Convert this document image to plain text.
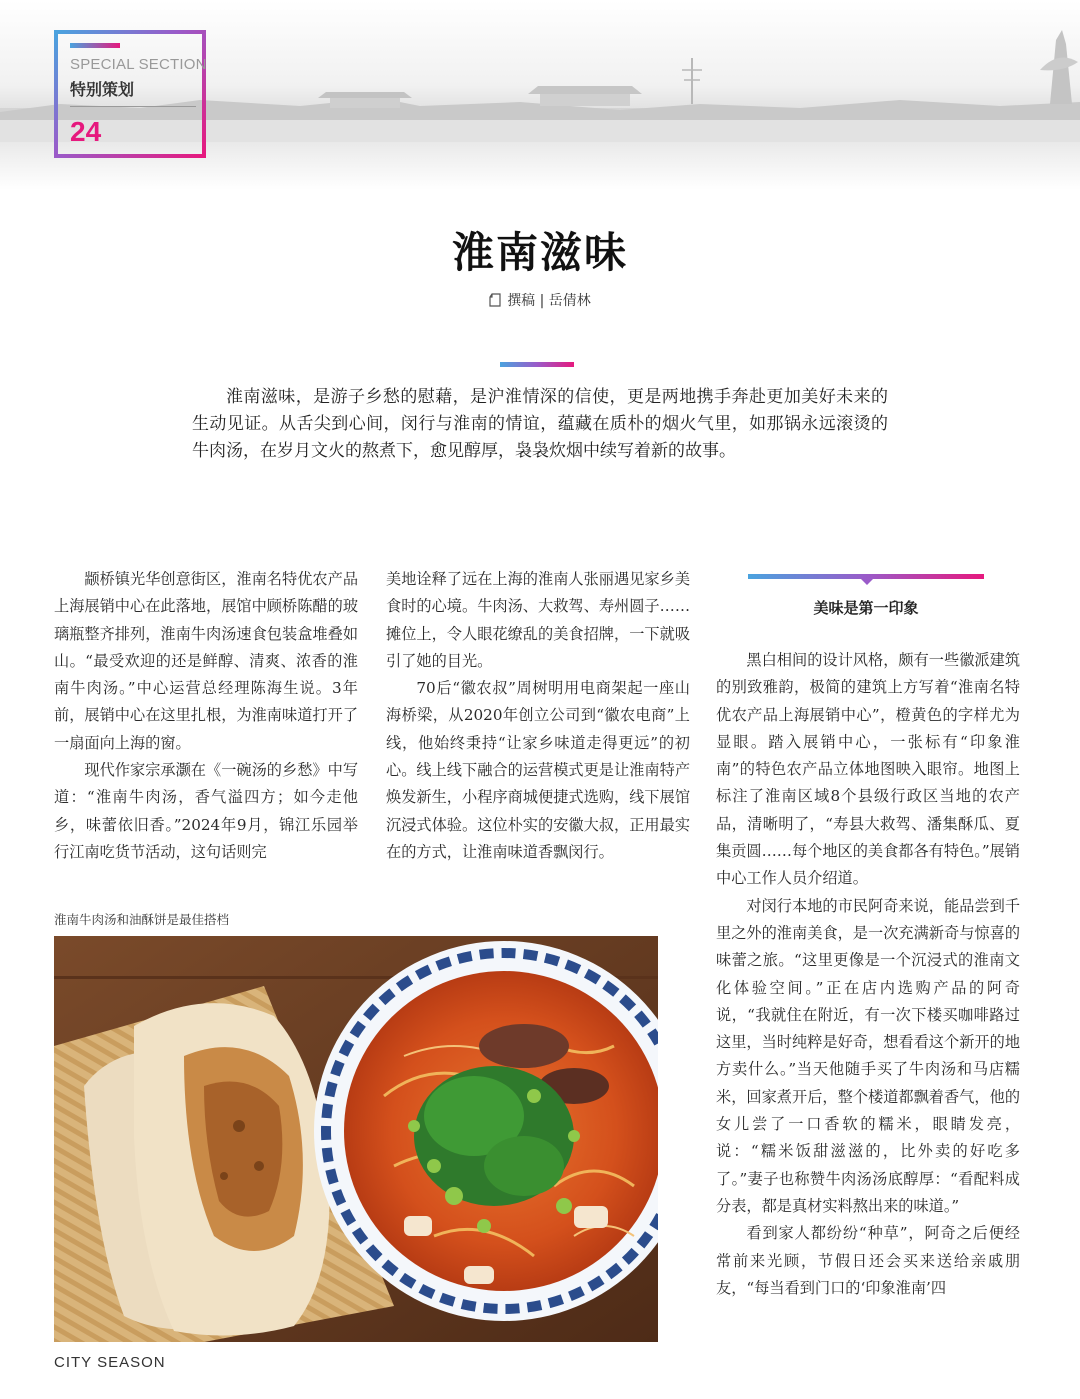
SPECIAL SECTION
特别策划
24
淮南滋味
撰稿 | 岳倩林
淮南滋味，是游子乡愁的慰藉，是沪淮情深的信使，更是两地携手奔赴更加美好未来的生动见证。从舌尖到心间，闵行与淮南的情谊，蕴藏在质朴的烟火气里，如那锅永远滚烫的牛肉汤，在岁月文火的熬煮下，愈见醇厚，袅袅炊烟中续写着新的故事。

颛桥镇光华创意街区，淮南名特优农产品上海展销中心在此落地，展馆中顾桥陈醋的玻璃瓶整齐排列，淮南牛肉汤速食包装盒堆叠如山。“最受欢迎的还是鲜醇、清爽、浓香的淮南牛肉汤。”中心运营总经理陈海生说。3年前，展销中心在这里扎根，为淮南味道打开了一扇面向上海的窗。

现代作家宗承灏在《一碗汤的乡愁》中写道：“淮南牛肉汤，香气溢四方；如今走他乡，味蕾依旧香。”2024年9月，锦江乐园举行江南吃货节活动，这句话则完

美地诠释了远在上海的淮南人张丽遇见家乡美食时的心境。牛肉汤、大救驾、寿州圆子……摊位上，令人眼花缭乱的美食招牌，一下就吸引了她的目光。

70后“徽农叔”周树明用电商架起一座山海桥梁，从2020年创立公司到“徽农电商”上线，他始终秉持“让家乡味道走得更远”的初心。线上线下融合的运营模式更是让淮南特产焕发新生，小程序商城便捷式选购，线下展馆沉浸式体验。这位朴实的安徽大叔，正用最实在的方式，让淮南味道香飘闵行。

美味是第一印象

黑白相间的设计风格，颇有一些徽派建筑的别致雅韵，极简的建筑上方写着“淮南名特优农产品上海展销中心”，橙黄色的字样尤为显眼。踏入展销中心，一张标有“印象淮南”的特色农产品立体地图映入眼帘。地图上标注了淮南区域8个县级行政区当地的农产品，清晰明了，“寿县大救驾、潘集酥瓜、夏集贡圆……每个地区的美食都各有特色。”展销中心工作人员介绍道。

对闵行本地的市民阿奇来说，能品尝到千里之外的淮南美食，是一次充满新奇与惊喜的味蕾之旅。“这里更像是一个沉浸式的淮南文化体验空间。”正在店内选购产品的阿奇说，“我就住在附近，有一次下楼买咖啡路过这里，当时纯粹是好奇，想看看这个新开的地方卖什么。”当天他随手买了牛肉汤和马店糯米，回家煮开后，整个楼道都飘着香气，他的女儿尝了一口香软的糯米，眼睛发亮，说：“糯米饭甜滋滋的，比外卖的好吃多了。”妻子也称赞牛肉汤汤底醇厚：“看配料成分表，都是真材实料熬出来的味道。”

看到家人都纷纷“种草”，阿奇之后便经常前来光顾，节假日还会买来送给亲戚朋友，“每当看到门口的‘印象淮南’四

淮南牛肉汤和油酥饼是最佳搭档
CITY SEASON
